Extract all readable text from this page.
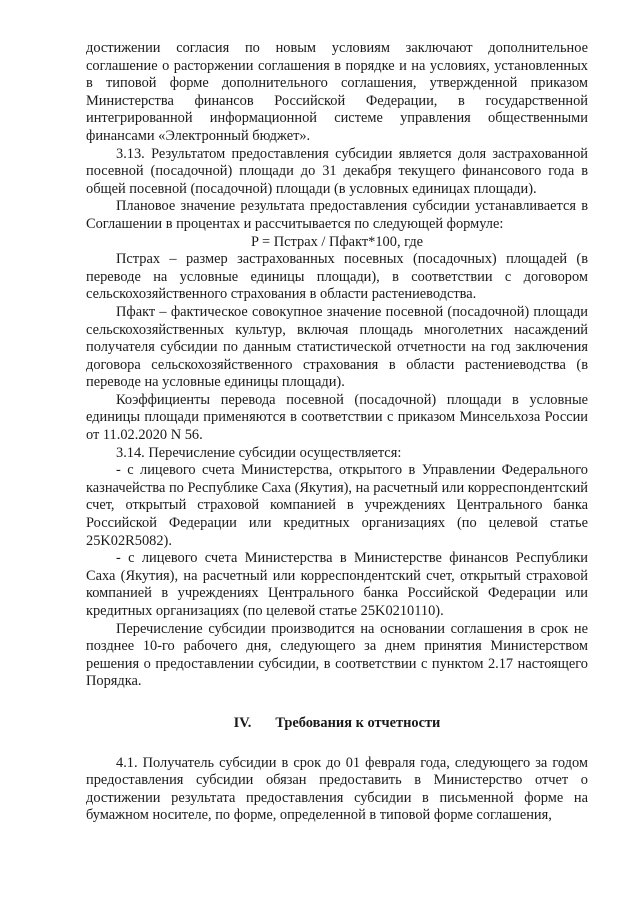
достижении согласия по новым условиям заключают дополнительное соглашение о расторжении соглашения в порядке и на условиях, установленных в типовой форме дополнительного соглашения, утвержденной приказом Министерства финансов Российской Федерации, в государственной интегрированной информационной системе управления общественными финансами «Электронный бюджет».

3.13. Результатом предоставления субсидии является доля застрахованной посевной (посадочной) площади до 31 декабря текущего финансового года в общей посевной (посадочной) площади (в условных единицах площади).

Плановое значение результата предоставления субсидии устанавливается в Соглашении в процентах и рассчитывается по следующей формуле:

P = Пстрах / Пфакт*100, где

Пстрах – размер застрахованных посевных (посадочных) площадей (в переводе на условные единицы площади), в соответствии с договором сельскохозяйственного страхования в области растениеводства.

Пфакт – фактическое совокупное значение посевной (посадочной) площади сельскохозяйственных культур, включая площадь многолетних насаждений получателя субсидии по данным статистической отчетности на год заключения договора сельскохозяйственного страхования в области растениеводства (в переводе на условные единицы площади).

Коэффициенты перевода посевной (посадочной) площади в условные единицы площади применяются в соответствии с приказом Минсельхоза России от 11.02.2020 N 56.

3.14. Перечисление субсидии осуществляется:

- с лицевого счета Министерства, открытого в Управлении Федерального казначейства по Республике Саха (Якутия), на расчетный или корреспондентский счет, открытый страховой компанией в учреждениях Центрального банка Российской Федерации или кредитных организациях (по целевой статье 25K02R5082).

- с лицевого счета Министерства в Министерстве финансов Республики Саха (Якутия), на расчетный или корреспондентский счет, открытый страховой компанией в учреждениях Центрального банка Российской Федерации или кредитных организациях (по целевой статье 25K0210110).

Перечисление субсидии производится на основании соглашения в срок не позднее 10-го рабочего дня, следующего за днем принятия Министерством решения о предоставлении субсидии, в соответствии с пунктом 2.17 настоящего Порядка.

IV. Требования к отчетности

4.1. Получатель субсидии в срок до 01 февраля года, следующего за годом предоставления субсидии обязан предоставить в Министерство отчет о достижении результата предоставления субсидии в письменной форме на бумажном носителе, по форме, определенной в типовой форме соглашения,
